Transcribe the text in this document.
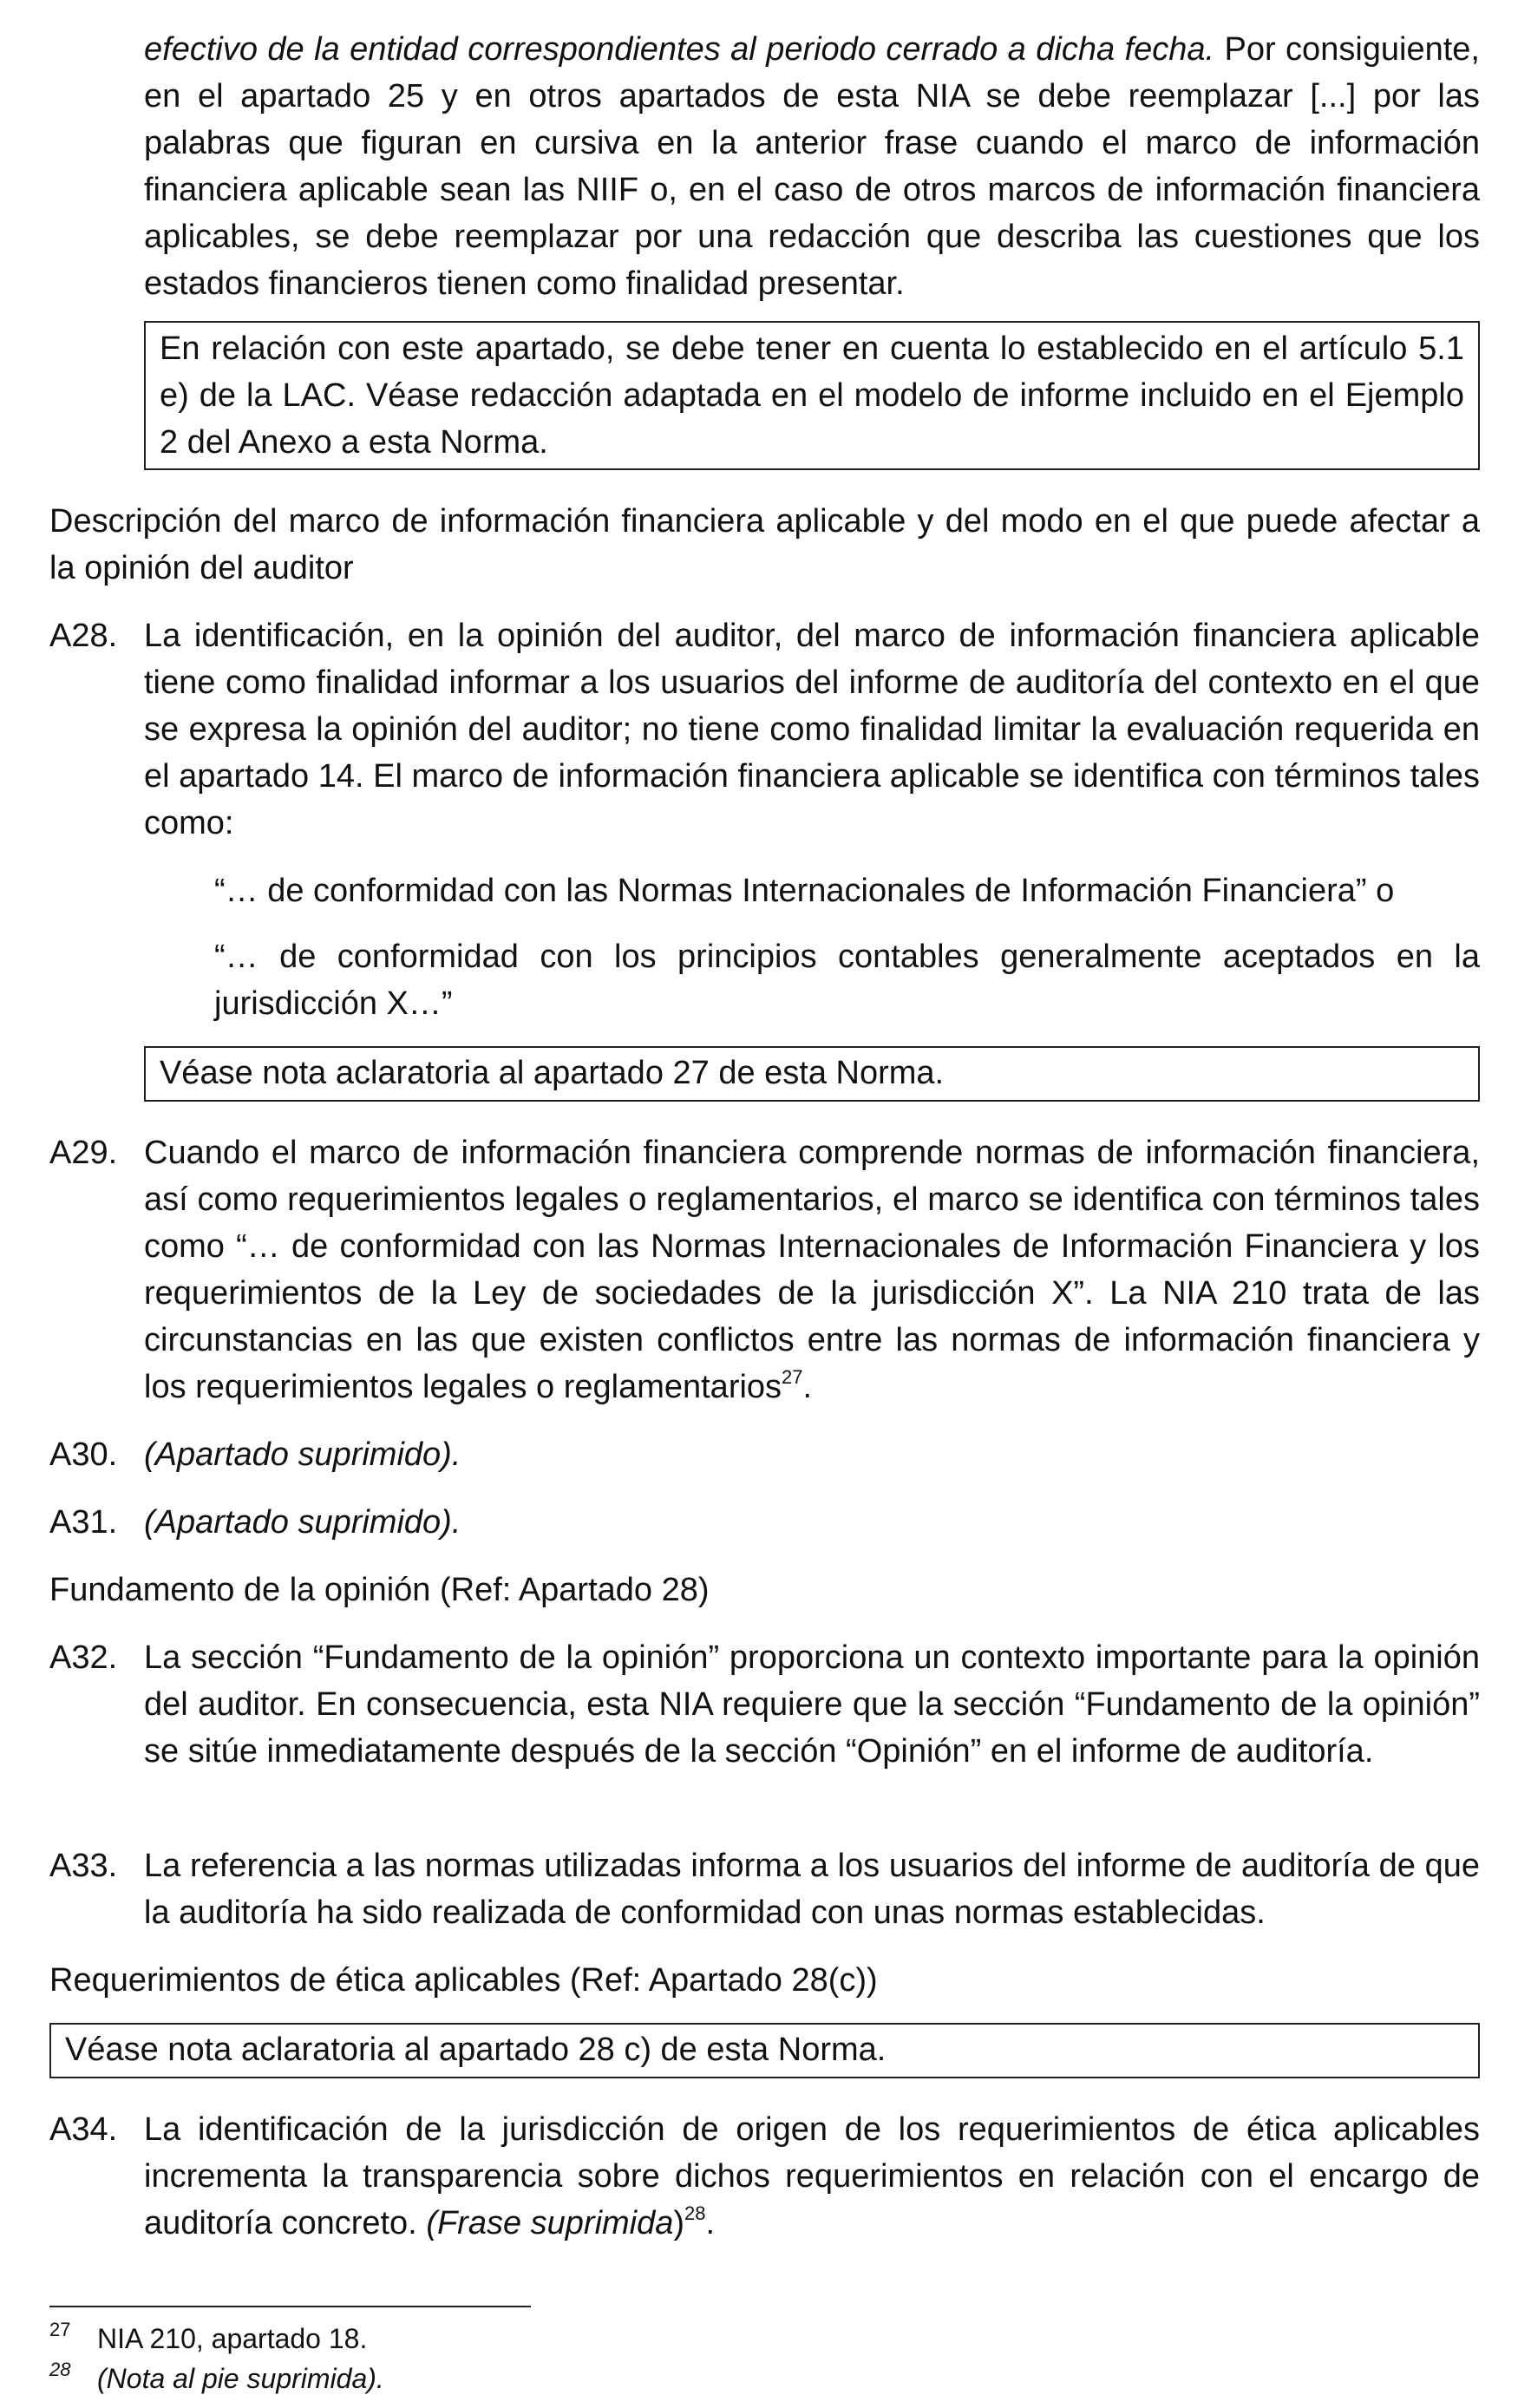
efectivo de la entidad correspondientes al periodo cerrado a dicha fecha. Por consiguiente, en el apartado 25 y en otros apartados de esta NIA se debe reemplazar [...] por las palabras que figuran en cursiva en la anterior frase cuando el marco de información financiera aplicable sean las NIIF o, en el caso de otros marcos de información financiera aplicables, se debe reemplazar por una redacción que describa las cuestiones que los estados financieros tienen como finalidad presentar.
En relación con este apartado, se debe tener en cuenta lo establecido en el artículo 5.1 e) de la LAC. Véase redacción adaptada en el modelo de informe incluido en el Ejemplo 2 del Anexo a esta Norma.
Descripción del marco de información financiera aplicable y del modo en el que puede afectar a la opinión del auditor
A28. La identificación, en la opinión del auditor, del marco de información financiera aplicable tiene como finalidad informar a los usuarios del informe de auditoría del contexto en el que se expresa la opinión del auditor; no tiene como finalidad limitar la evaluación requerida en el apartado 14. El marco de información financiera aplicable se identifica con términos tales como:
“… de conformidad con las Normas Internacionales de Información Financiera” o
“… de conformidad con los principios contables generalmente aceptados en la jurisdicción X…”
Véase nota aclaratoria al apartado 27 de esta Norma.
A29. Cuando el marco de información financiera comprende normas de información financiera, así como requerimientos legales o reglamentarios, el marco se identifica con términos tales como “… de conformidad con las Normas Internacionales de Información Financiera y los requerimientos de la Ley de sociedades de la jurisdicción X”. La NIA 210 trata de las circunstancias en las que existen conflictos entre las normas de información financiera y los requerimientos legales o reglamentarios$^{27}$.
A30. (Apartado suprimido).
A31. (Apartado suprimido).
Fundamento de la opinión (Ref: Apartado 28)
A32. La sección “Fundamento de la opinión” proporciona un contexto importante para la opinión del auditor. En consecuencia, esta NIA requiere que la sección “Fundamento de la opinión” se sitúe inmediatamente después de la sección “Opinión” en el informe de auditoría.
A33. La referencia a las normas utilizadas informa a los usuarios del informe de auditoría de que la auditoría ha sido realizada de conformidad con unas normas establecidas.
Requerimientos de ética aplicables (Ref: Apartado 28(c))
Véase nota aclaratoria al apartado 28 c) de esta Norma.
A34. La identificación de la jurisdicción de origen de los requerimientos de ética aplicables incrementa la transparencia sobre dichos requerimientos en relación con el encargo de auditoría concreto. (Frase suprimida)$^{28}$.
27 NIA 210, apartado 18.
28 (Nota al pie suprimida).
